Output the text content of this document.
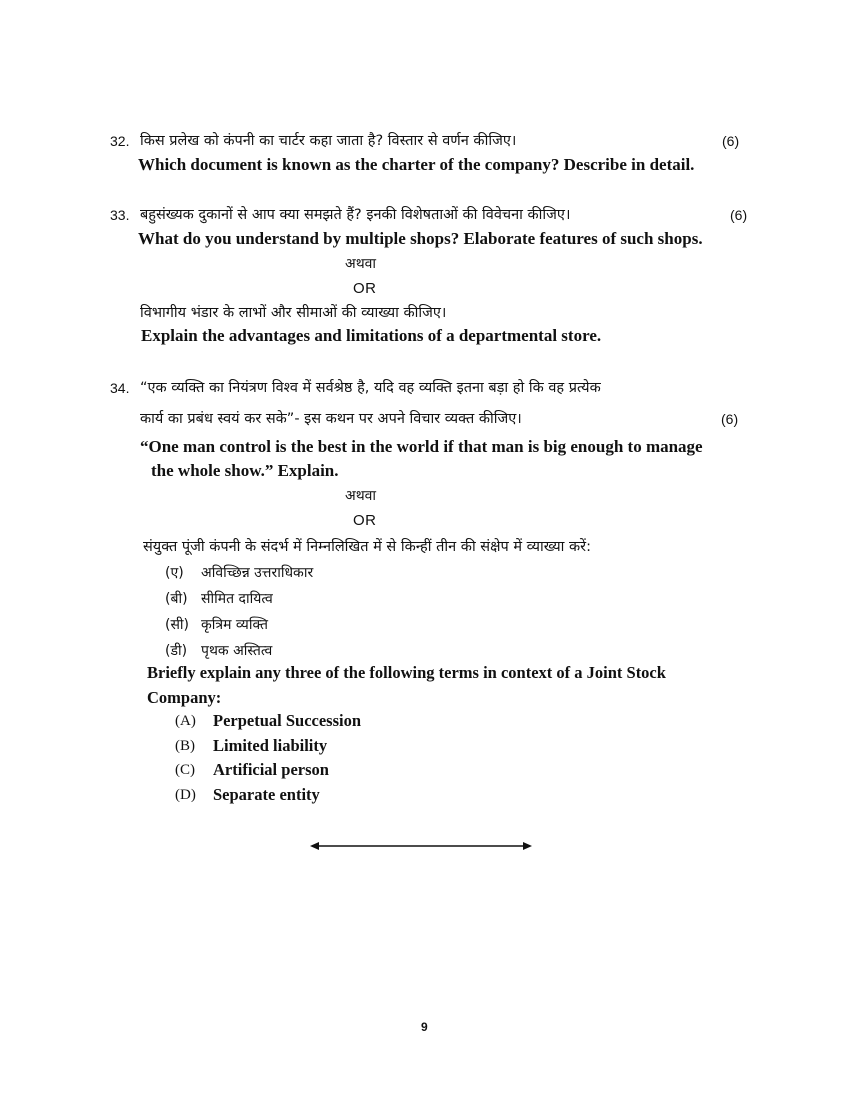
32. किस प्रलेख को कंपनी का चार्टर कहा जाता है? विस्तार से वर्णन कीजिए।	(6)
Which document is known as the charter of the company? Describe in detail.
33. बहुसंख्यक दुकानों से आप क्या समझते हैं? इनकी विशेषताओं की विवेचना कीजिए।	(6)
What do you understand by multiple shops? Elaborate features of such shops.
अथवा
OR
विभागीय भंडार के लाभों और सीमाओं की व्याख्या कीजिए।
Explain the advantages and limitations of a departmental store.
34. “एक व्यक्ति का नियंत्रण विश्व में सर्वश्रेष्ठ है, यदि वह व्यक्ति इतना बड़ा हो कि वह प्रत्येक
कार्य का प्रबंध स्वयं कर सके”- इस कथन पर अपने विचार व्यक्त कीजिए।	(6)
“One man control is the best in the world if that man is big enough to manage
the whole show.” Explain.
अथवा
OR
संयुक्त पूंजी कंपनी के संदर्भ में निम्नलिखित में से किन्हीं तीन की संक्षेप में व्याख्या करें:
(ए) अविच्छिन्न उत्तराधिकार
(बी) सीमित दायित्व
(सी) कृत्रिम व्यक्ति
(डी) पृथक अस्तित्व
Briefly explain any three of the following terms in context of a Joint Stock
Company:
(A) Perpetual Succession
(B) Limited liability
(C) Artificial person
(D) Separate entity
9
